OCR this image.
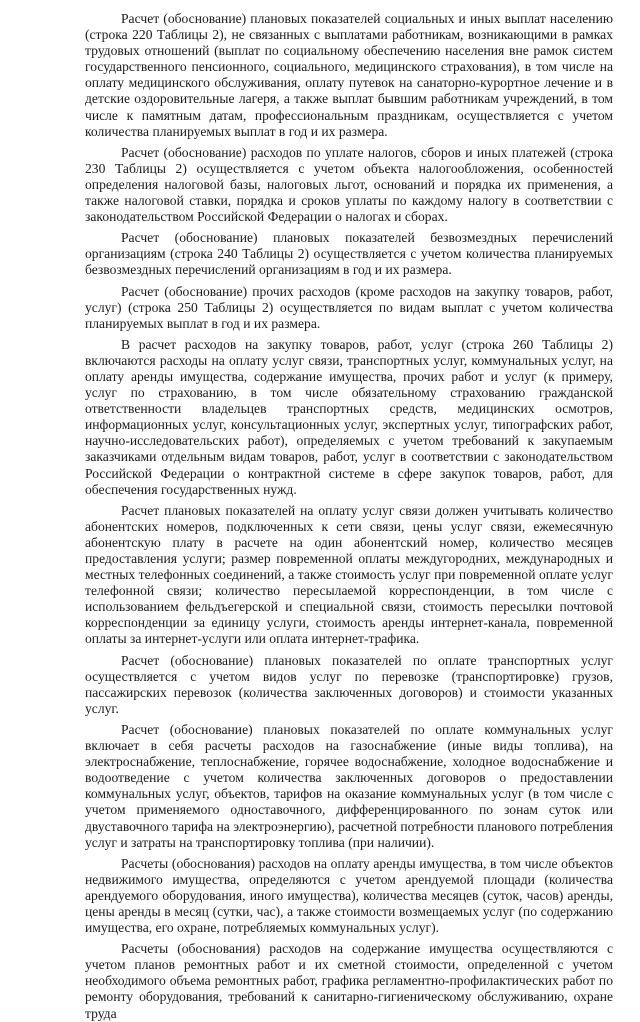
Расчет (обоснование) плановых показателей социальных и иных выплат населению (строка 220 Таблицы 2), не связанных с выплатами работникам, возникающими в рамках трудовых отношений (выплат по социальному обеспечению населения вне рамок систем государственного пенсионного, социального, медицинского страхования), в том числе на оплату медицинского обслуживания, оплату путевок на санаторно-курортное лечение и в детские оздоровительные лагеря, а также выплат бывшим работникам учреждений, в том числе к памятным датам, профессиональным праздникам, осуществляется с учетом количества планируемых выплат в год и их размера.

Расчет (обоснование) расходов по уплате налогов, сборов и иных платежей (строка 230 Таблицы 2) осуществляется с учетом объекта налогообложения, особенностей определения налоговой базы, налоговых льгот, оснований и порядка их применения, а также налоговой ставки, порядка и сроков уплаты по каждому налогу в соответствии с законодательством Российской Федерации о налогах и сборах.

Расчет (обоснование) плановых показателей безвозмездных перечислений организациям (строка 240 Таблицы 2) осуществляется с учетом количества планируемых безвозмездных перечислений организациям в год и их размера.

Расчет (обоснование) прочих расходов (кроме расходов на закупку товаров, работ, услуг) (строка 250 Таблицы 2) осуществляется по видам выплат с учетом количества планируемых выплат в год и их размера.

В расчет расходов на закупку товаров, работ, услуг (строка 260 Таблицы 2) включаются расходы на оплату услуг связи, транспортных услуг, коммунальных услуг, на оплату аренды имущества, содержание имущества, прочих работ и услуг (к примеру, услуг по страхованию, в том числе обязательному страхованию гражданской ответственности владельцев транспортных средств, медицинских осмотров, информационных услуг, консультационных услуг, экспертных услуг, типографских работ, научно-исследовательских работ), определяемых с учетом требований к закупаемым заказчиками отдельным видам товаров, работ, услуг в соответствии с законодательством Российской Федерации о контрактной системе в сфере закупок товаров, работ, для обеспечения государственных нужд.

Расчет плановых показателей на оплату услуг связи должен учитывать количество абонентских номеров, подключенных к сети связи, цены услуг связи, ежемесячную абонентскую плату в расчете на один абонентский номер, количество месяцев предоставления услуги; размер повременной оплаты междугородних, международных и местных телефонных соединений, а также стоимость услуг при повременной оплате услуг телефонной связи; количество пересылаемой корреспонденции, в том числе с использованием фельдъегерской и специальной связи, стоимость пересылки почтовой корреспонденции за единицу услуги, стоимость аренды интернет-канала, повременной оплаты за интернет-услуги или оплата интернет-трафика.

Расчет (обоснование) плановых показателей по оплате транспортных услуг осуществляется с учетом видов услуг по перевозке (транспортировке) грузов, пассажирских перевозок (количества заключенных договоров) и стоимости указанных услуг.

Расчет (обоснование) плановых показателей по оплате коммунальных услуг включает в себя расчеты расходов на газоснабжение (иные виды топлива), на электроснабжение, теплоснабжение, горячее водоснабжение, холодное водоснабжение и водоотведение с учетом количества заключенных договоров о предоставлении коммунальных услуг, объектов, тарифов на оказание коммунальных услуг (в том числе с учетом применяемого одноставочного, дифференцированного по зонам суток или двуставочного тарифа на электроэнергию), расчетной потребности планового потребления услуг и затраты на транспортировку топлива (при наличии).

Расчеты (обоснования) расходов на оплату аренды имущества, в том числе объектов недвижимого имущества, определяются с учетом арендуемой площади (количества арендуемого оборудования, иного имущества), количества месяцев (суток, часов) аренды, цены аренды в месяц (сутки, час), а также стоимости возмещаемых услуг (по содержанию имущества, его охране, потребляемых коммунальных услуг).

Расчеты (обоснования) расходов на содержание имущества осуществляются с учетом планов ремонтных работ и их сметной стоимости, определенной с учетом необходимого объема ремонтных работ, графика регламентно-профилактических работ по ремонту оборудования, требований к санитарно-гигиеническому обслуживанию, охране труда
